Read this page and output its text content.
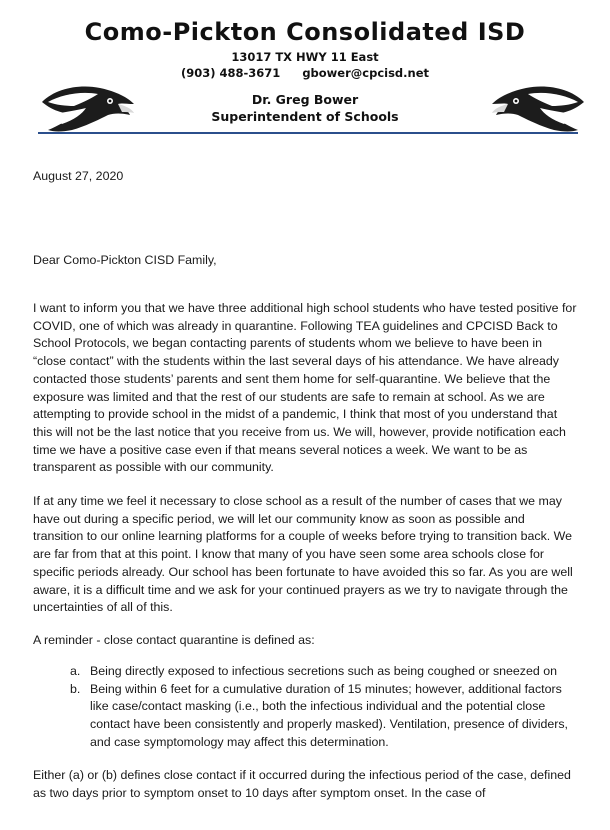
Como-Pickton Consolidated ISD
13017 TX HWY 11 East
(903) 488-3671 gbower@cpcisd.net
Dr. Greg Bower
Superintendent of Schools
August 27, 2020
Dear Como-Pickton CISD Family,
I want to inform you that we have three additional high school students who have tested positive for COVID, one of which was already in quarantine. Following TEA guidelines and CPCISD Back to School Protocols, we began contacting parents of students whom we believe to have been in “close contact” with the students within the last several days of his attendance. We have already contacted those students’ parents and sent them home for self-quarantine. We believe that the exposure was limited and that the rest of our students are safe to remain at school. As we are attempting to provide school in the midst of a pandemic, I think that most of you understand that this will not be the last notice that you receive from us. We will, however, provide notification each time we have a positive case even if that means several notices a week. We want to be as transparent as possible with our community.
If at any time we feel it necessary to close school as a result of the number of cases that we may have out during a specific period, we will let our community know as soon as possible and transition to our online learning platforms for a couple of weeks before trying to transition back. We are far from that at this point. I know that many of you have seen some area schools close for specific periods already. Our school has been fortunate to have avoided this so far. As you are well aware, it is a difficult time and we ask for your continued prayers as we try to navigate through the uncertainties of all of this.
A reminder - close contact quarantine is defined as:
a. Being directly exposed to infectious secretions such as being coughed or sneezed on
b. Being within 6 feet for a cumulative duration of 15 minutes; however, additional factors like case/contact masking (i.e., both the infectious individual and the potential close contact have been consistently and properly masked). Ventilation, presence of dividers, and case symptomology may affect this determination.
Either (a) or (b) defines close contact if it occurred during the infectious period of the case, defined as two days prior to symptom onset to 10 days after symptom onset. In the case of
